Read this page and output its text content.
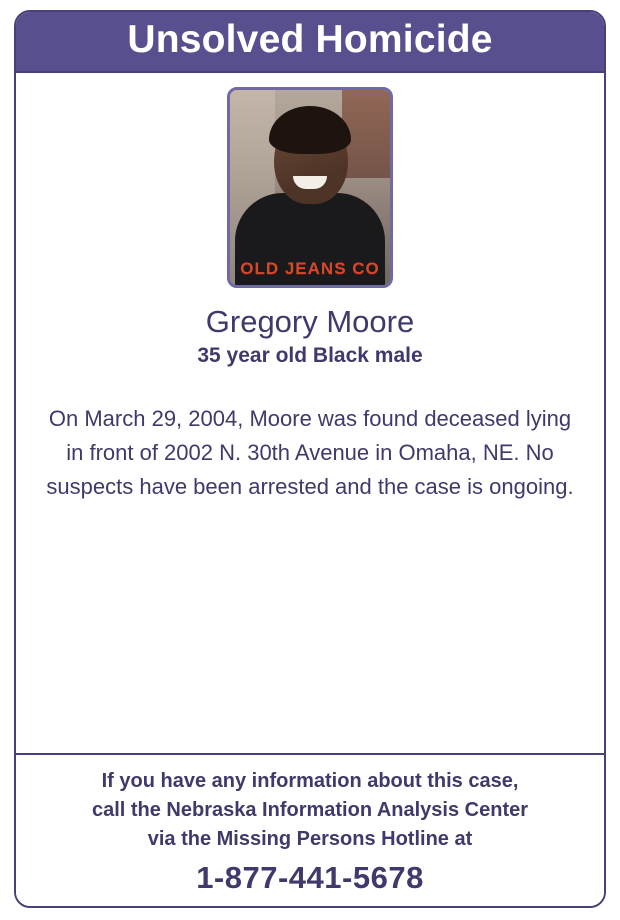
Unsolved Homicide
OLD JEANS CO
Gregory Moore
35 year old Black male
On March 29, 2004, Moore was found deceased lying in front of 2002 N. 30th Avenue in Omaha, NE. No suspects have been arrested and the case is ongoing.
If you have any information about this case,
call the Nebraska Information Analysis Center
via the Missing Persons Hotline at
1-877-441-5678
